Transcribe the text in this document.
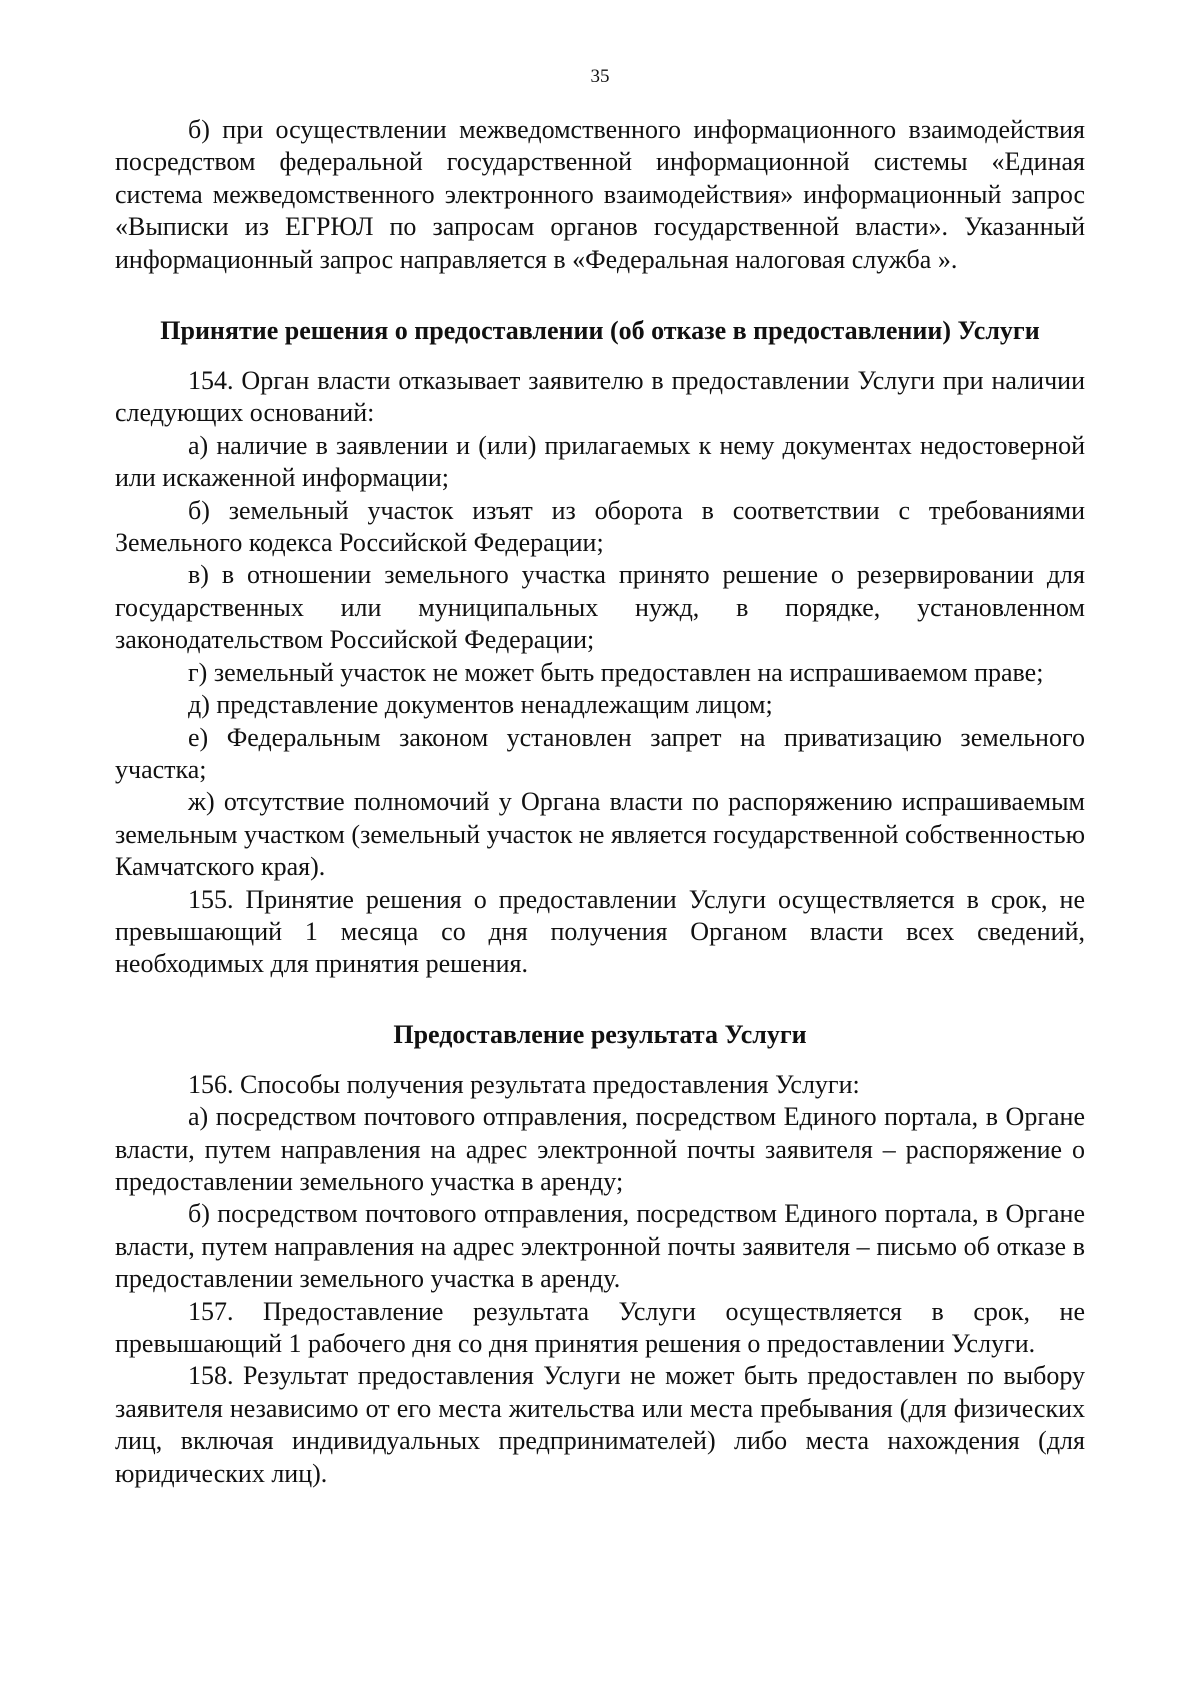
35

б) при осуществлении межведомственного информационного взаимодействия посредством федеральной государственной информационной системы «Единая система межведомственного электронного взаимодействия» информационный запрос «Выписки из ЕГРЮЛ по запросам органов государственной власти». Указанный информационный запрос направляется в «Федеральная налоговая служба ».

Принятие решения о предоставлении (об отказе в предоставлении) Услуги

154. Орган власти отказывает заявителю в предоставлении Услуги при наличии следующих оснований:

а) наличие в заявлении и (или) прилагаемых к нему документах недостоверной или искаженной информации;

б) земельный участок изъят из оборота в соответствии с требованиями Земельного кодекса Российской Федерации;

в) в отношении земельного участка принято решение о резервировании для государственных или муниципальных нужд, в порядке, установленном законодательством Российской Федерации;

г) земельный участок не может быть предоставлен на испрашиваемом праве;

д) представление документов ненадлежащим лицом;

е) Федеральным законом установлен запрет на приватизацию земельного участка;

ж) отсутствие полномочий у Органа власти по распоряжению испрашиваемым земельным участком (земельный участок не является государственной собственностью Камчатского края).

155. Принятие решения о предоставлении Услуги осуществляется в срок, не превышающий 1 месяца со дня получения Органом власти всех сведений, необходимых для принятия решения.

Предоставление результата Услуги

156. Способы получения результата предоставления Услуги:

а) посредством почтового отправления, посредством Единого портала, в Органе власти, путем направления на адрес электронной почты заявителя – распоряжение о предоставлении земельного участка в аренду;

б) посредством почтового отправления, посредством Единого портала, в Органе власти, путем направления на адрес электронной почты заявителя – письмо об отказе в предоставлении земельного участка в аренду.

157. Предоставление результата Услуги осуществляется в срок, не превышающий 1 рабочего дня со дня принятия решения о предоставлении Услуги.

158. Результат предоставления Услуги не может быть предоставлен по выбору заявителя независимо от его места жительства или места пребывания (для физических лиц, включая индивидуальных предпринимателей) либо места нахождения (для юридических лиц).
